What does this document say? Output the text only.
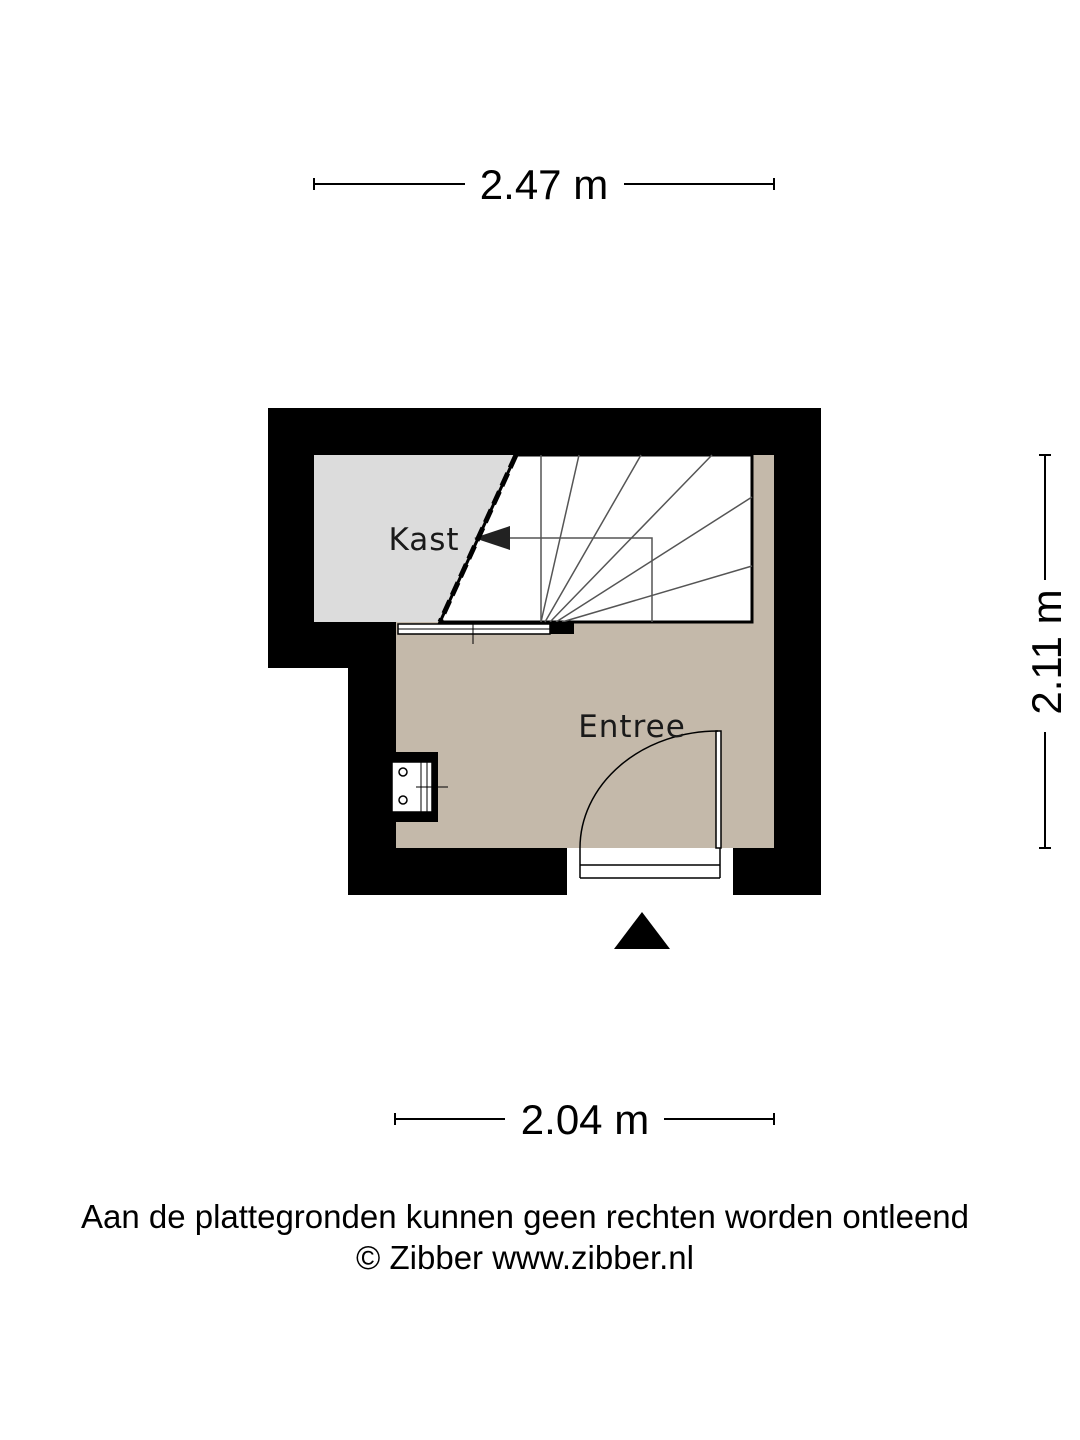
2.47 m
2.11 m
2.04 m
Kast
Entree
Aan de plattegronden kunnen geen rechten worden ontleend
© Zibber www.zibber.nl
